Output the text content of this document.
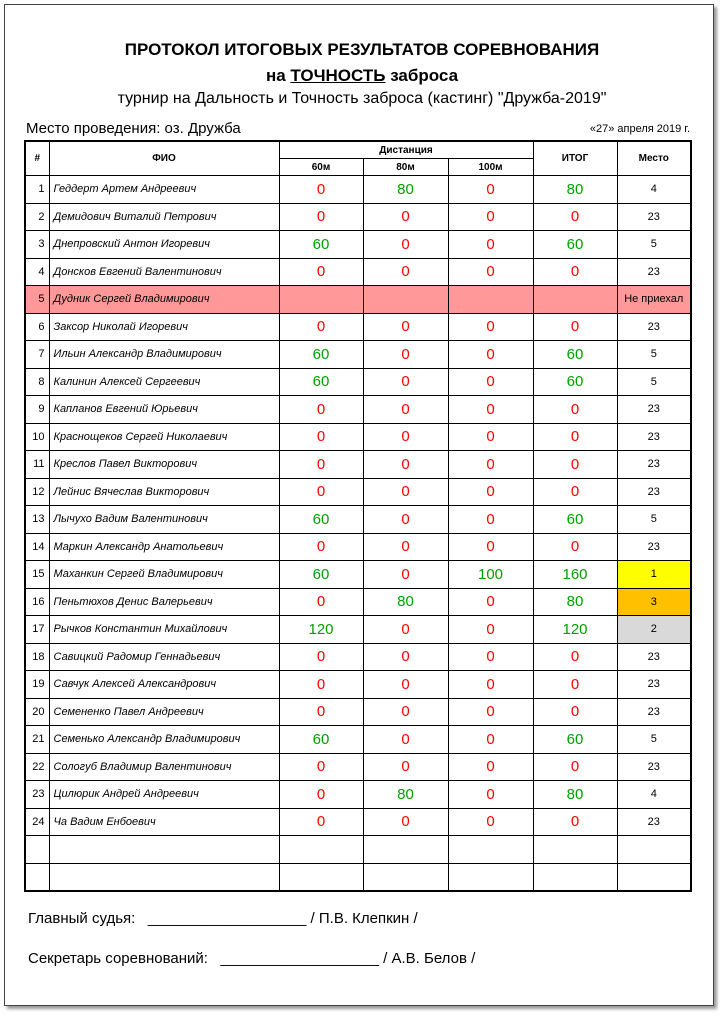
ПРОТОКОЛ ИТОГОВЫХ РЕЗУЛЬТАТОВ СОРЕВНОВАНИЯ
на ТОЧНОСТЬ заброса
турнир на Дальность и Точность заброса (кастинг) "Дружба-2019"
Место проведения: оз. Дружба	«27» апреля 2019 г.
#	ФИО	Дистанция			ИТОГ	Место
		60м	80м	100м		
1	Геддерт Артем Андреевич	0	80	0	80	4
2	Демидович Виталий Петрович	0	0	0	0	23
3	Днепровский Антон Игоревич	60	0	0	60	5
4	Донсков Евгений Валентинович	0	0	0	0	23
5	Дудник Сергей Владимирович					Не приехал
6	Заксор Николай Игоревич	0	0	0	0	23
7	Ильин Александр Владимирович	60	0	0	60	5
8	Калинин Алексей Сергеевич	60	0	0	60	5
9	Капланов Евгений Юрьевич	0	0	0	0	23
10	Краснощеков Сергей Николаевич	0	0	0	0	23
11	Креслов Павел Викторович	0	0	0	0	23
12	Лейнис Вячеслав Викторович	0	0	0	0	23
13	Лычухо Вадим Валентинович	60	0	0	60	5
14	Маркин Александр Анатольевич	0	0	0	0	23
15	Маханкин Сергей Владимирович	60	0	100	160	1
16	Пеньтюхов Денис Валерьевич	0	80	0	80	3
17	Рычков Константин Михайлович	120	0	0	120	2
18	Савицкий Радомир Геннадьевич	0	0	0	0	23
19	Савчук Алексей Александрович	0	0	0	0	23
20	Семененко Павел Андреевич	0	0	0	0	23
21	Семенько Александр Владимирович	60	0	0	60	5
22	Сологуб Владимир Валентинович	0	0	0	0	23
23	Цилюрик Андрей Андреевич	0	80	0	80	4
24	Ча Вадим Енбоевич	0	0	0	0	23

Главный судья: ___________________ / П.В. Клепкин /
Секретарь соревнований: ___________________ / А.В. Белов /
